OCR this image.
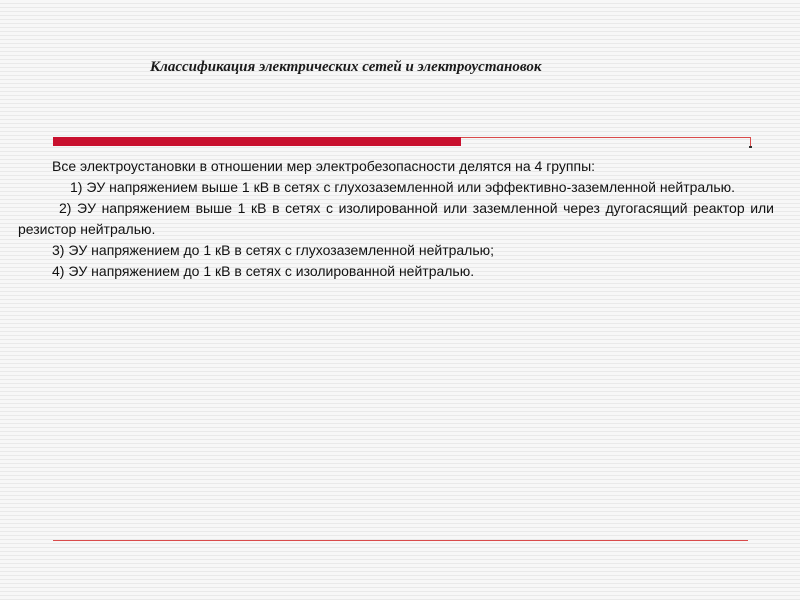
Классификация электрических сетей и электроустановок

Все электроустановки в отношении мер электробезопасности делятся на 4 группы:

1) ЭУ напряжением выше 1 кВ в сетях с глухозаземленной или эффективно-заземленной нейтралью.

2) ЭУ напряжением выше 1 кВ в сетях с изолированной или заземленной через дугогасящий реактор или резистор нейтралью.

3) ЭУ напряжением до 1 кВ в сетях с глухозаземленной нейтралью;

4) ЭУ напряжением до 1 кВ в сетях с изолированной нейтралью.
